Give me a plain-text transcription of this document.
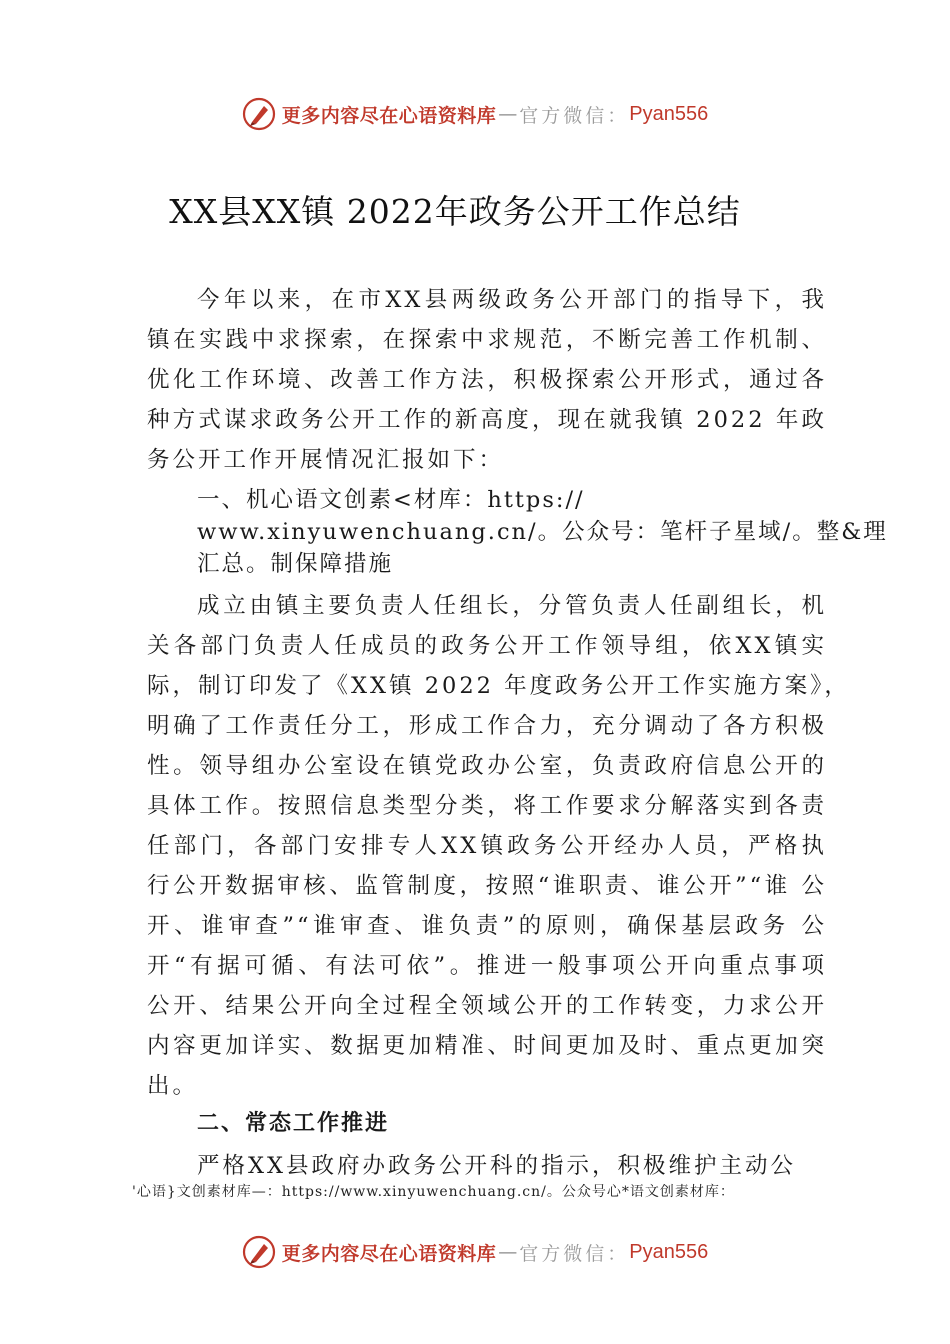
更多内容尽在心语资料库 — 官方微信： Pyan556
XX县XX镇 2022年政务公开工作总结
今年以来，在市XX县两级政务公开部门的指导下，我
镇在实践中求探索，在探索中求规范，不断完善工作机制、
优化工作环境、改善工作方法，积极探索公开形式，通过各
种方式谋求政务公开工作的新高度，现在就我镇 2022 年政
务公开工作开展情况汇报如下：
一、机心语文创素<材库：https://
www.xinyuwenchuang.cn/。公众号：笔杆子星域/。整&理
汇总。制保障措施
成立由镇主要负责人任组长，分管负责人任副组长，机
关各部门负责人任成员的政务公开工作领导组，依XX镇实
际，制订印发了《XX镇 2022 年度政务公开工作实施方案》，
明确了工作责任分工，形成工作合力，充分调动了各方积极
性。领导组办公室设在镇党政办公室，负责政府信息公开的
具体工作。按照信息类型分类，将工作要求分解落实到各责
任部门，各部门安排专人XX镇政务公开经办人员，严格执
行公开数据审核、监管制度，按照“谁职责、谁公开”“谁 公
开、谁审查”“谁审查、谁负责”的原则，确保基层政务 公
开“有据可循、有法可依”。推进一般事项公开向重点事项
公开、结果公开向全过程全领域公开的工作转变，力求公开
内容更加详实、数据更加精准、时间更加及时、重点更加突
出。
二、常态工作推进
严格XX县政府办政务公开科的指示，积极维护主动公
'心语}文创素材库—：https://www.xinyuwenchuang.cn/。公众号心*语文创素材库：
更多内容尽在心语资料库 — 官方微信： Pyan556
